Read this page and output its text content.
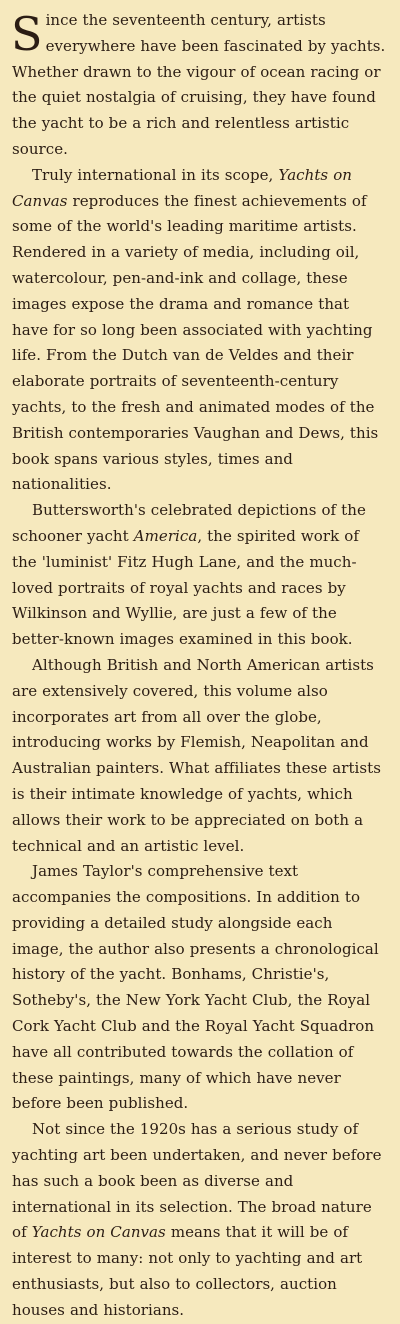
Since the seventeenth century, artists everywhere have been fascinated by yachts. Whether drawn to the vigour of ocean racing or the quiet nostalgia of cruising, they have found the yacht to be a rich and relentless artistic source.

Truly international in its scope, Yachts on Canvas reproduces the finest achievements of some of the world's leading maritime artists. Rendered in a variety of media, including oil, watercolour, pen-and-ink and collage, these images expose the drama and romance that have for so long been associated with yachting life. From the Dutch van de Veldes and their elaborate portraits of seventeenth-century yachts, to the fresh and animated modes of the British contemporaries Vaughan and Dews, this book spans various styles, times and nationalities.

Buttersworth's celebrated depictions of the schooner yacht America, the spirited work of the 'luminist' Fitz Hugh Lane, and the much-loved portraits of royal yachts and races by Wilkinson and Wyllie, are just a few of the better-known images examined in this book.

Although British and North American artists are extensively covered, this volume also incorporates art from all over the globe, introducing works by Flemish, Neapolitan and Australian painters. What affiliates these artists is their intimate knowledge of yachts, which allows their work to be appreciated on both a technical and an artistic level.

James Taylor's comprehensive text accompanies the compositions. In addition to providing a detailed study alongside each image, the author also presents a chronological history of the yacht. Bonhams, Christie's, Sotheby's, the New York Yacht Club, the Royal Cork Yacht Club and the Royal Yacht Squadron have all contributed towards the collation of these paintings, many of which have never before been published.

Not since the 1920s has a serious study of yachting art been undertaken, and never before has such a book been as diverse and international in its selection. The broad nature of Yachts on Canvas means that it will be of interest to many: not only to yachting and art enthusiasts, but also to collectors, auction houses and historians.
